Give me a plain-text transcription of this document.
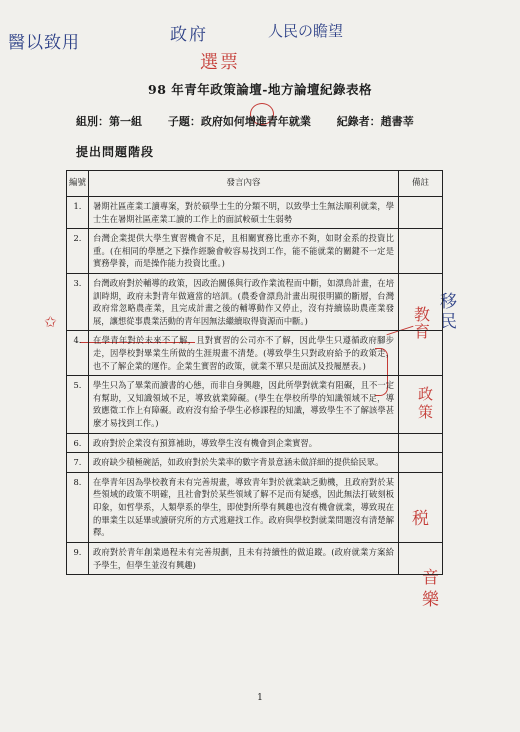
醫以致用	政府	人民の瞻望
選票
✩	教育
移民
政策
税
音樂
98 年青年政策論壇-地方論壇紀錄表格
組別：第一組 子題：政府如何增進青年就業 紀錄者：趙書莘
提出問題階段
編號	發言內容	備註
1.	暑期社區產業工讀專案，對於碩學士生的分類不明，以致學士生無法順利就業，學士生在暑期社區產業工讀的工作上的面試較碩士生弱勢	
2.	台灣企業提供大學生實習機會不足，且相關實務比重亦不夠，如財金系的投資比重。(在相同的學歷之下操作經驗會較容易找到工作，能不能就業的關鍵不一定是實務學養，而是操作能力投資比重。)	
3.	台灣政府對於輔導的政策，因政治關係與行政作業流程而中斷，如漂鳥計畫，在培訓時期，政府未對青年做適當的培訓。(農委會漂鳥計畫出現很明顯的斷層，台灣政府常忽略農產業，且完成計畫之後的輔導動作又停止，沒有持續協助農產業發展，讓想從事農業活動的青年因無法繼續取得資源而中斷。)	
4.	在學青年對於未來不了解，且對實習的公司亦不了解，因此學生只遵循政府腳步走，因學校對畢業生所做的生涯規畫不清楚。(導致學生只對政府給予的政策走，也不了解企業的運作。企業生實習的政策，就業不單只是面試及投履歷表。)	
5.	學生只為了畢業而讀書的心態，而非自身興趣，因此所學對就業有阻礙，且不一定有幫助，又知識領域不足，導致就業障礙。(學生在學校所學的知識領域不足，導致應徵工作上有障礙。政府沒有給予學生必修課程的知識，導致學生不了解該學甚麼才易找到工作。)	
6.	政府對於企業沒有預算補助，導致學生沒有機會到企業實習。	
7.	政府缺少積極碗話，如政府對於失業率的數字背景意涵未做詳細的提供給民眾。	
8.	在學青年因為學校教育未有完善規畫，導致青年對於就業缺乏動機，且政府對於某些領域的政策不明確，且社會對於某些領域了解不足而有疑惑，因此無法打破刻板印象，如哲學系，人類學系的學生，即使對所學有興趣也沒有機會就業，導致現在的畢業生以延畢或讀研究所的方式逃避找工作。政府與學校對就業問題沒有清楚解釋。	
9.	政府對於青年創業過程未有完善規劃，且未有持續性的做追蹤。(政府就業方案給予學生，但學生並沒有興趣)	
1
